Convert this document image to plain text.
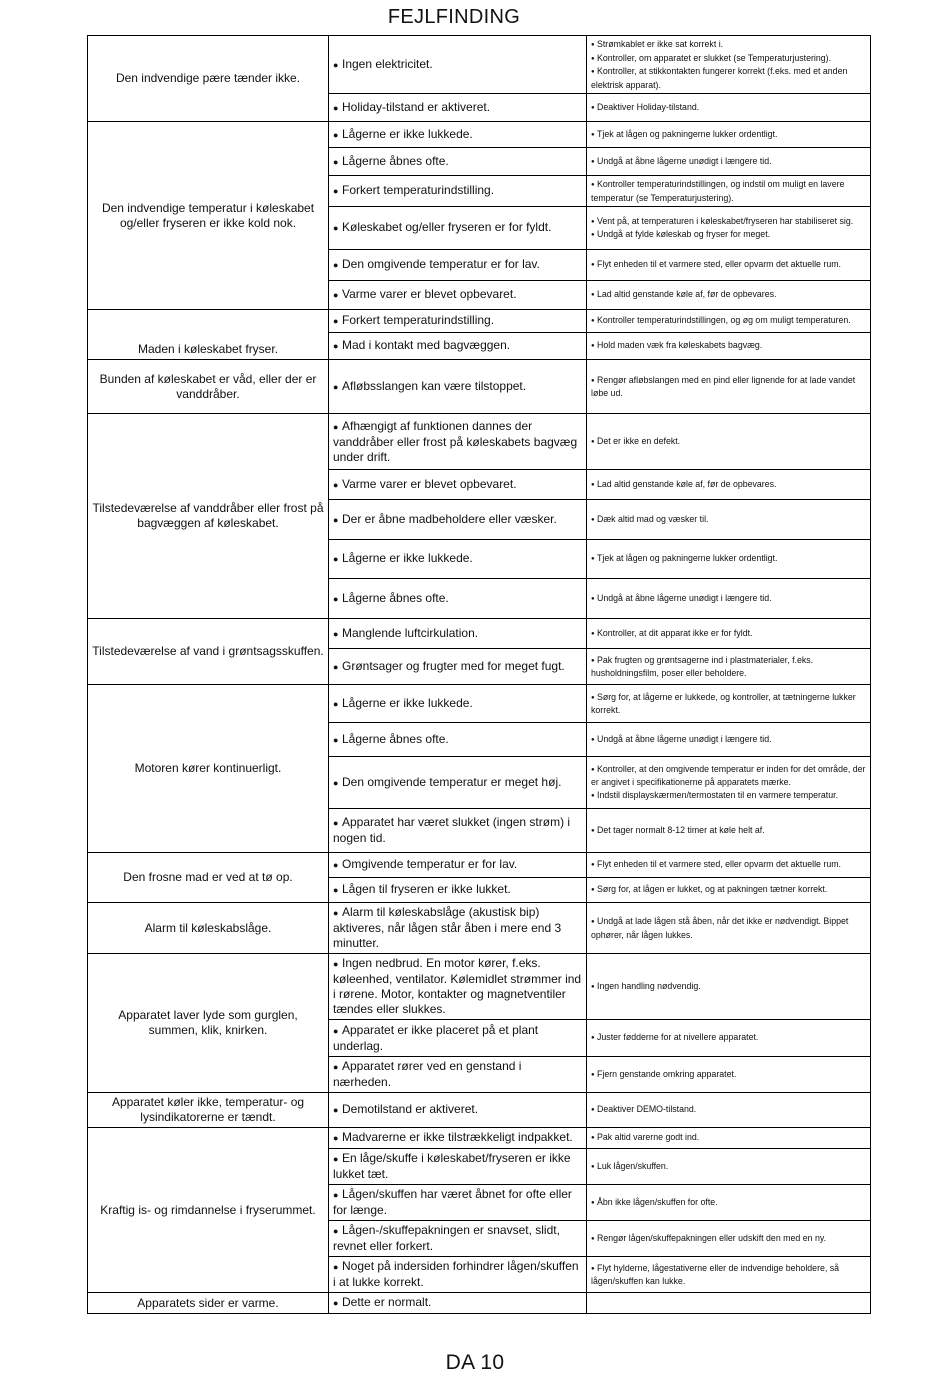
FEJLFINDING
Den indvendige pære tænder ikke.	● Ingen elektricitet.	● Strømkablet er ikke sat korrekt i.
● Kontroller, om apparatet er slukket (se Temperaturjustering).
● Kontroller, at stikkontakten fungerer korrekt (f.eks. med et anden elektrisk apparat).

	● Holiday-tilstand er aktiveret.	● Deaktiver Holiday-tilstand.

Den indvendige temperatur i køleskabet og/eller fryseren er ikke kold nok.	● Lågerne er ikke lukkede.	● Tjek at lågen og pakningerne lukker ordentligt.

	● Lågerne åbnes ofte.	● Undgå at åbne lågerne unødigt i længere tid.

	● Forkert temperaturindstilling.	● Kontroller temperaturindstillingen, og indstil om muligt en lavere temperatur (se Temperaturjustering).

	● Køleskabet og/eller fryseren er for fyldt.	● Vent på, at temperaturen i køleskabet/fryseren har stabiliseret sig.
● Undgå at fylde køleskab og fryser for meget.

	● Den omgivende temperatur er for lav.	● Flyt enheden til et varmere sted, eller opvarm det aktuelle rum.

	● Varme varer er blevet opbevaret.	● Lad altid genstande køle af, før de opbevares.

Maden i køleskabet fryser.	● Forkert temperaturindstilling.	● Kontroller temperaturindstillingen, og øg om muligt temperaturen.

	● Mad i kontakt med bagvæggen.	● Hold maden væk fra køleskabets bagvæg.

Bunden af køleskabet er våd, eller der er vanddråber.	● Afløbsslangen kan være tilstoppet.	● Rengør afløbslangen med en pind eller lignende for at lade vandet løbe ud.

Tilstedeværelse af vanddråber eller frost på bagvæggen af køleskabet.	● Afhængigt af funktionen dannes der vanddråber eller frost på køleskabets bagvæg under drift.	● Det er ikke en defekt.

	● Varme varer er blevet opbevaret.	● Lad altid genstande køle af, før de opbevares.

	● Der er åbne madbeholdere eller væsker.	● Dæk altid mad og væsker til.

	● Lågerne er ikke lukkede.	● Tjek at lågen og pakningerne lukker ordentligt.

	● Lågerne åbnes ofte.	● Undgå at åbne lågerne unødigt i længere tid.

Tilstedeværelse af vand i grøntsagsskuffen.	● Manglende luftcirkulation.	● Kontroller, at dit apparat ikke er for fyldt.

	● Grøntsager og frugter med for meget fugt.	● Pak frugten og grøntsagerne ind i plastmaterialer, f.eks. husholdningsfilm, poser eller beholdere.

Motoren kører kontinuerligt.	● Lågerne er ikke lukkede.	● Sørg for, at lågerne er lukkede, og kontroller, at tætningerne lukker korrekt.

	● Lågerne åbnes ofte.	● Undgå at åbne lågerne unødigt i længere tid.

	● Den omgivende temperatur er meget høj.	● Kontroller, at den omgivende temperatur er inden for det område, der er angivet i specifikationerne på apparatets mærke.
● Indstil displayskærmen/termostaten til en varmere temperatur.

	● Apparatet har været slukket (ingen strøm) i nogen tid.	● Det tager normalt 8-12 timer at køle helt af.

Den frosne mad er ved at tø op.	● Omgivende temperatur er for lav.	● Flyt enheden til et varmere sted, eller opvarm det aktuelle rum.

	● Lågen til fryseren er ikke lukket.	● Sørg for, at lågen er lukket, og at pakningen tætner korrekt.

Alarm til køleskabslåge.	● Alarm til køleskabslåge (akustisk bip) aktiveres, når lågen står åben i mere end 3 minutter.	● Undgå at lade lågen stå åben, når det ikke er nødvendigt. Bippet ophører, når lågen lukkes.

Apparatet laver lyde som gurglen, summen, klik, knirken.	● Ingen nedbrud. En motor kører, f.eks. køleenhed, ventilator. Kølemidlet strømmer ind i rørene. Motor, kontakter og magnetventiler tændes eller slukkes.	● Ingen handling nødvendig.

	● Apparatet er ikke placeret på et plant underlag.	● Juster fødderne for at nivellere apparatet.

	● Apparatet rører ved en genstand i nærheden.	● Fjern genstande omkring apparatet.

Apparatet køler ikke, temperatur- og lysindikatorerne er tændt.	● Demotilstand er aktiveret.	● Deaktiver DEMO-tilstand.

Kraftig is- og rimdannelse i fryserummet.	● Madvarerne er ikke tilstrækkeligt indpakket.	● Pak altid varerne godt ind.

	● En låge/skuffe i køleskabet/fryseren er ikke lukket tæt.	● Luk lågen/skuffen.

	● Lågen/skuffen har været åbnet for ofte eller for længe.	● Åbn ikke lågen/skuffen for ofte.

	● Lågen-/skuffepakningen er snavset, slidt, revnet eller forkert.	● Rengør lågen/skuffepakningen eller udskift den med en ny.

	● Noget på indersiden forhindrer lågen/skuffen i at lukke korrekt.	● Flyt hylderne, lågestativerne eller de indvendige beholdere, så lågen/skuffen kan lukke.

Apparatets sider er varme.	● Dette er normalt.	
DA 10
